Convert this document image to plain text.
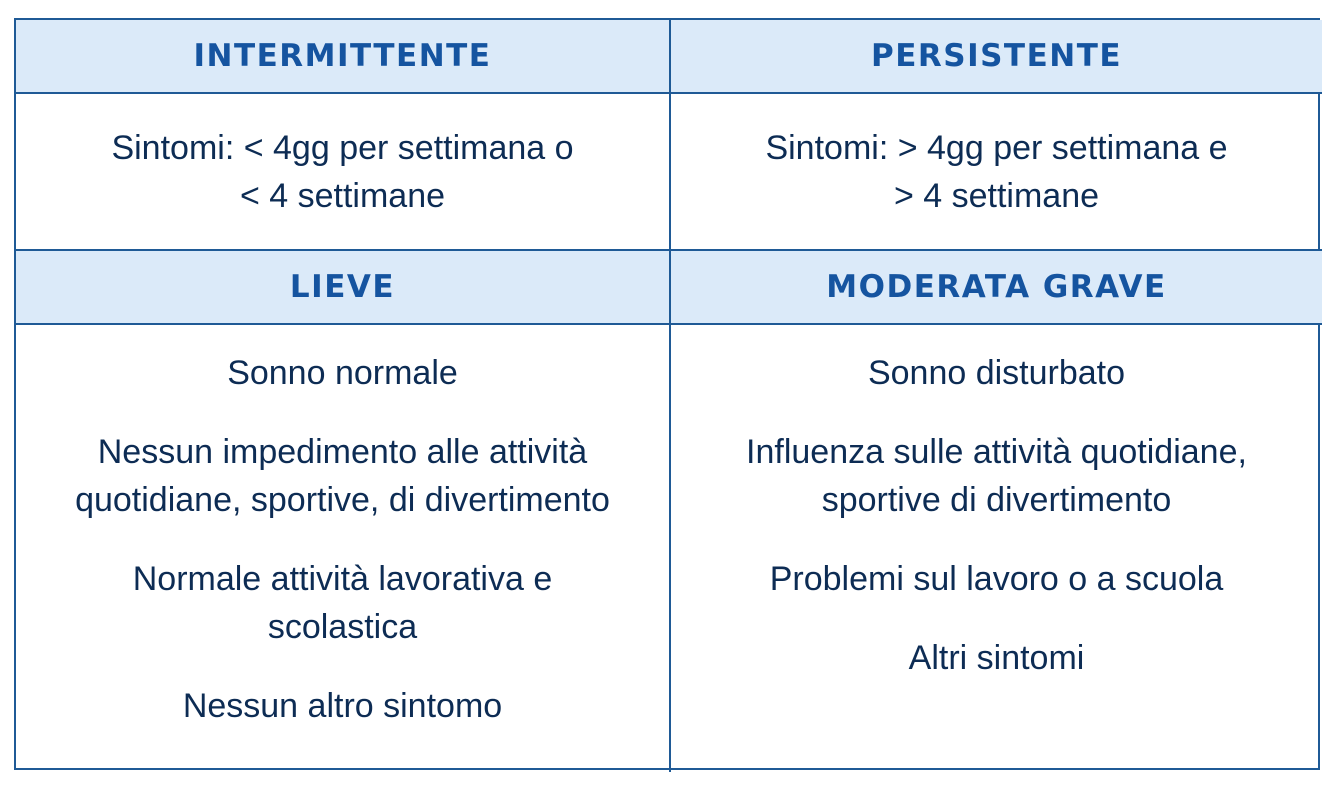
INTERMITTENTE	PERSISTENTE
Sintomi: < 4gg per settimana o
< 4 settimane
Sintomi: > 4gg per settimana e
> 4 settimane
LIEVE	MODERATA GRAVE
Sonno normale
Nessun impedimento alle attività
quotidiane, sportive, di divertimento
Normale attività lavorativa e
scolastica
Nessun altro sintomo
Sonno disturbato
Influenza sulle attività quotidiane,
sportive di divertimento
Problemi sul lavoro o a scuola
Altri sintomi
